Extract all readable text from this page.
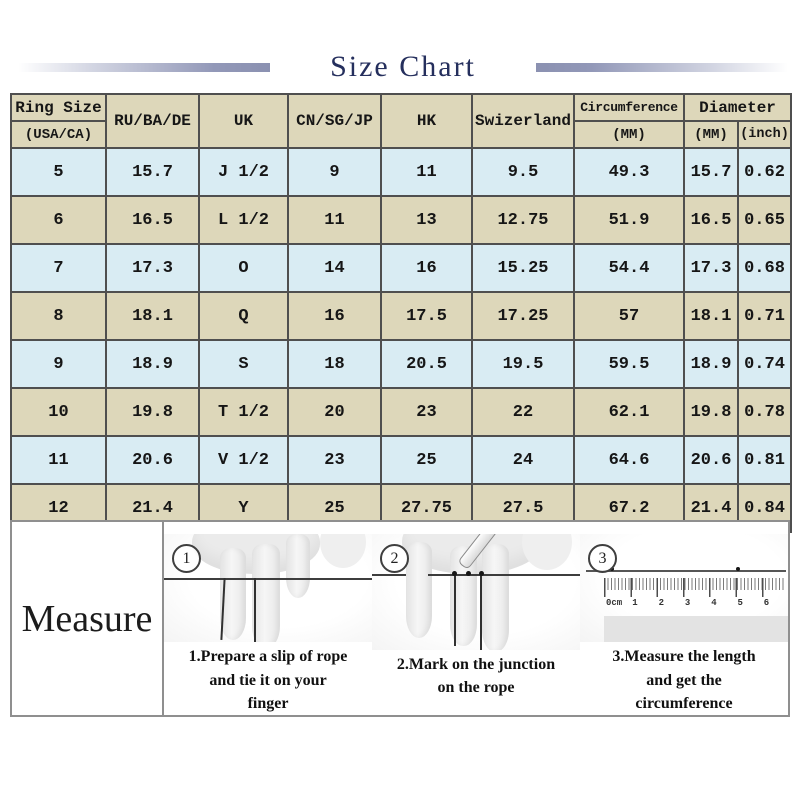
Size Chart
Ring Size	RU/BA/DE	UK	CN/SG/JP	HK	Swizerland	Circumference	Diameter	
(USA/CA)						(MM)	(MM)	(inch)
5	15.7	J 1/2	9	11	9.5	49.3	15.7	0.62
6	16.5	L 1/2	11	13	12.75	51.9	16.5	0.65
7	17.3	O	14	16	15.25	54.4	17.3	0.68
8	18.1	Q	16	17.5	17.25	57	18.1	0.71
9	18.9	S	18	20.5	19.5	59.5	18.9	0.74
10	19.8	T 1/2	20	23	22	62.1	19.8	0.78
11	20.6	V 1/2	23	25	24	64.6	20.6	0.81
12	21.4	Y	25	27.75	27.5	67.2	21.4	0.84
Measure
1
1.Prepare a slip of rope
and tie it on your
finger
2
2.Mark on the junction
on the rope
3
0cm	1	2	3	4	5	6
3.Measure the length
and get the
circumference
